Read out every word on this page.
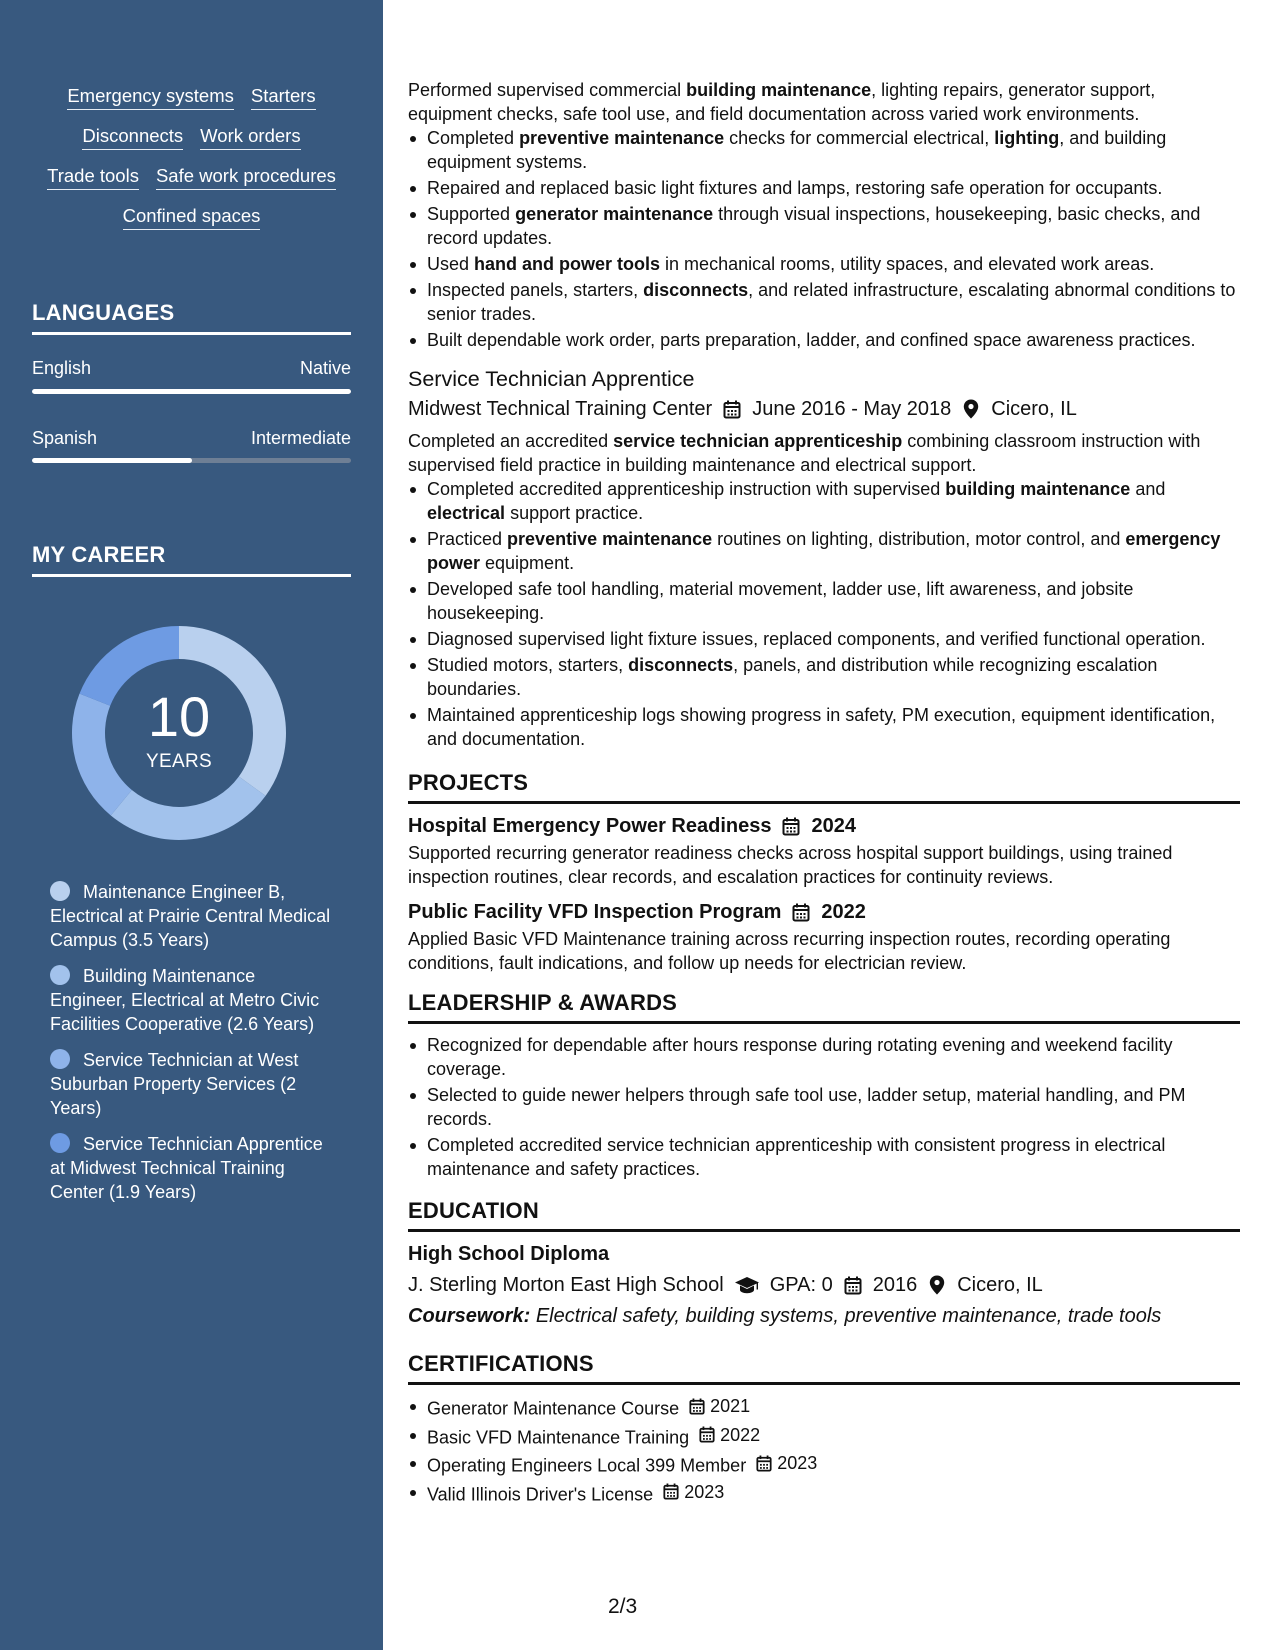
Emergency systems Starters
Disconnects Work orders
Trade tools Safe work procedures
Confined spaces
LANGUAGES
English	Native
Spanish	Intermediate
MY CAREER
10
YEARS
Maintenance Engineer B, Electrical at Prairie Central Medical Campus (3.5 Years)
Building Maintenance Engineer, Electrical at Metro Civic Facilities Cooperative (2.6 Years)
Service Technician at West Suburban Property Services (2 Years)
Service Technician Apprentice at Midwest Technical Training Center (1.9 Years)

Performed supervised commercial building maintenance, lighting repairs, generator support, equipment checks, safe tool use, and field documentation across varied work environments.

Completed preventive maintenance checks for commercial electrical, lighting, and building equipment systems.
Repaired and replaced basic light fixtures and lamps, restoring safe operation for occupants.
Supported generator maintenance through visual inspections, housekeeping, basic checks, and record updates.
Used hand and power tools in mechanical rooms, utility spaces, and elevated work areas.
Inspected panels, starters, disconnects, and related infrastructure, escalating abnormal conditions to senior trades.
Built dependable work order, parts preparation, ladder, and confined space awareness practices.
Service Technician Apprentice
Midwest Technical Training Center June 2016 - May 2018 Cicero, IL

Completed an accredited service technician apprenticeship combining classroom instruction with supervised field practice in building maintenance and electrical support.

Completed accredited apprenticeship instruction with supervised building maintenance and electrical support practice.
Practiced preventive maintenance routines on lighting, distribution, motor control, and emergency power equipment.
Developed safe tool handling, material movement, ladder use, lift awareness, and jobsite housekeeping.
Diagnosed supervised light fixture issues, replaced components, and verified functional operation.
Studied motors, starters, disconnects, panels, and distribution while recognizing escalation boundaries.
Maintained apprenticeship logs showing progress in safety, PM execution, equipment identification, and documentation.
PROJECTS
Hospital Emergency Power Readiness 2024

Supported recurring generator readiness checks across hospital support buildings, using trained inspection routines, clear records, and escalation practices for continuity reviews.

Public Facility VFD Inspection Program 2022

Applied Basic VFD Maintenance training across recurring inspection routes, recording operating conditions, fault indications, and follow up needs for electrician review.

LEADERSHIP & AWARDS
Recognized for dependable after hours response during rotating evening and weekend facility coverage.
Selected to guide newer helpers through safe tool use, ladder setup, material handling, and PM records.
Completed accredited service technician apprenticeship with consistent progress in electrical maintenance and safety practices.
EDUCATION
High School Diploma
J. Sterling Morton East High School GPA: 0 2016 Cicero, IL
Coursework: Electrical safety, building systems, preventive maintenance, trade tools
CERTIFICATIONS
Generator Maintenance Course 2021
Basic VFD Maintenance Training 2022
Operating Engineers Local 399 Member 2023
Valid Illinois Driver's License 2023
2/3
